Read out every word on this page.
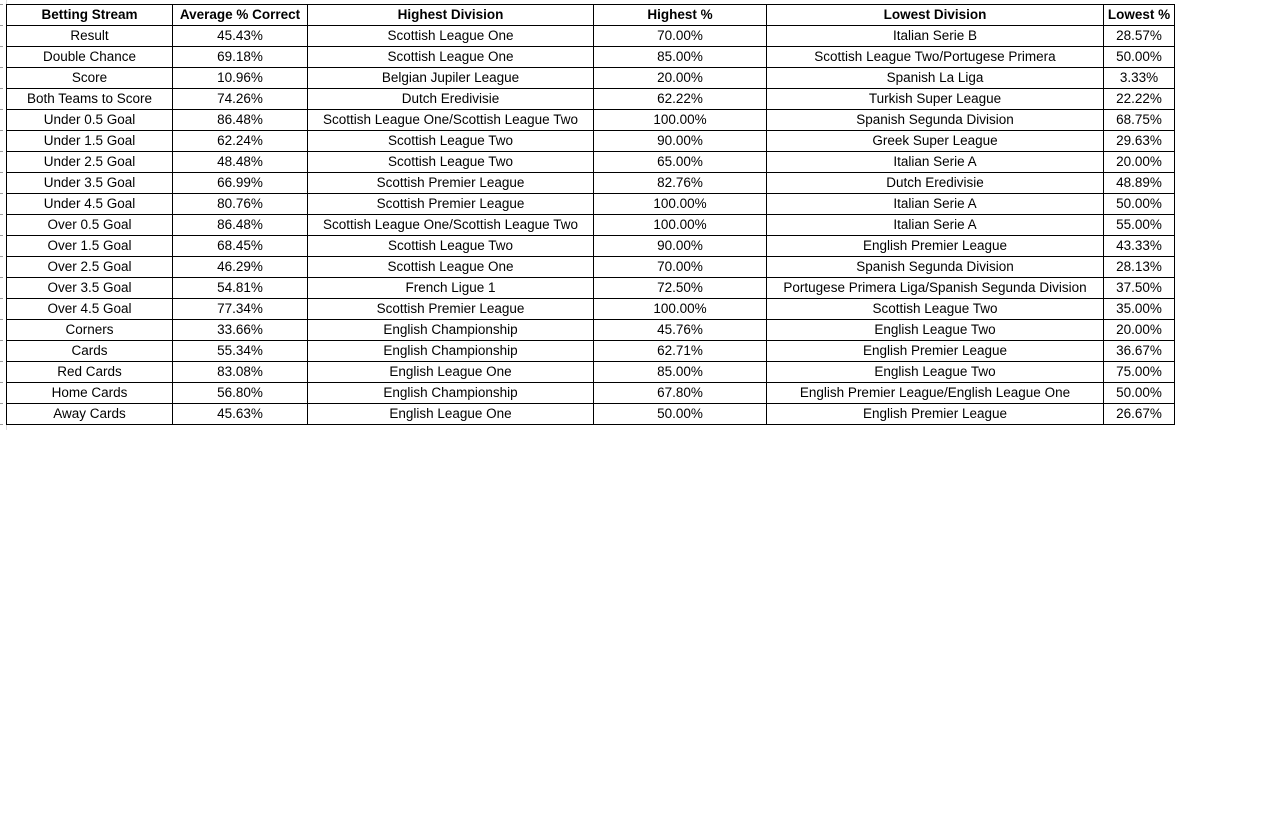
Betting Stream	Average % Correct	Highest Division	Highest %	Lowest Division	Lowest %
Result	45.43%	Scottish League One	70.00%	Italian Serie B	28.57%
Double Chance	69.18%	Scottish League One	85.00%	Scottish League Two/Portugese Primera	50.00%
Score	10.96%	Belgian Jupiler League	20.00%	Spanish La Liga	3.33%
Both Teams to Score	74.26%	Dutch Eredivisie	62.22%	Turkish Super League	22.22%
Under 0.5 Goal	86.48%	Scottish League One/Scottish League Two	100.00%	Spanish Segunda Division	68.75%
Under 1.5 Goal	62.24%	Scottish League Two	90.00%	Greek Super League	29.63%
Under 2.5 Goal	48.48%	Scottish League Two	65.00%	Italian Serie A	20.00%
Under 3.5 Goal	66.99%	Scottish Premier League	82.76%	Dutch Eredivisie	48.89%
Under 4.5 Goal	80.76%	Scottish Premier League	100.00%	Italian Serie A	50.00%
Over 0.5 Goal	86.48%	Scottish League One/Scottish League Two	100.00%	Italian Serie A	55.00%
Over 1.5 Goal	68.45%	Scottish League Two	90.00%	English Premier League	43.33%
Over 2.5 Goal	46.29%	Scottish League One	70.00%	Spanish Segunda Division	28.13%
Over 3.5 Goal	54.81%	French Ligue 1	72.50%	Portugese Primera Liga/Spanish Segunda Division	37.50%
Over 4.5 Goal	77.34%	Scottish Premier League	100.00%	Scottish League Two	35.00%
Corners	33.66%	English Championship	45.76%	English League Two	20.00%
Cards	55.34%	English Championship	62.71%	English Premier League	36.67%
Red Cards	83.08%	English League One	85.00%	English League Two	75.00%
Home Cards	56.80%	English Championship	67.80%	English Premier League/English League One	50.00%
Away Cards	45.63%	English League One	50.00%	English Premier League	26.67%
